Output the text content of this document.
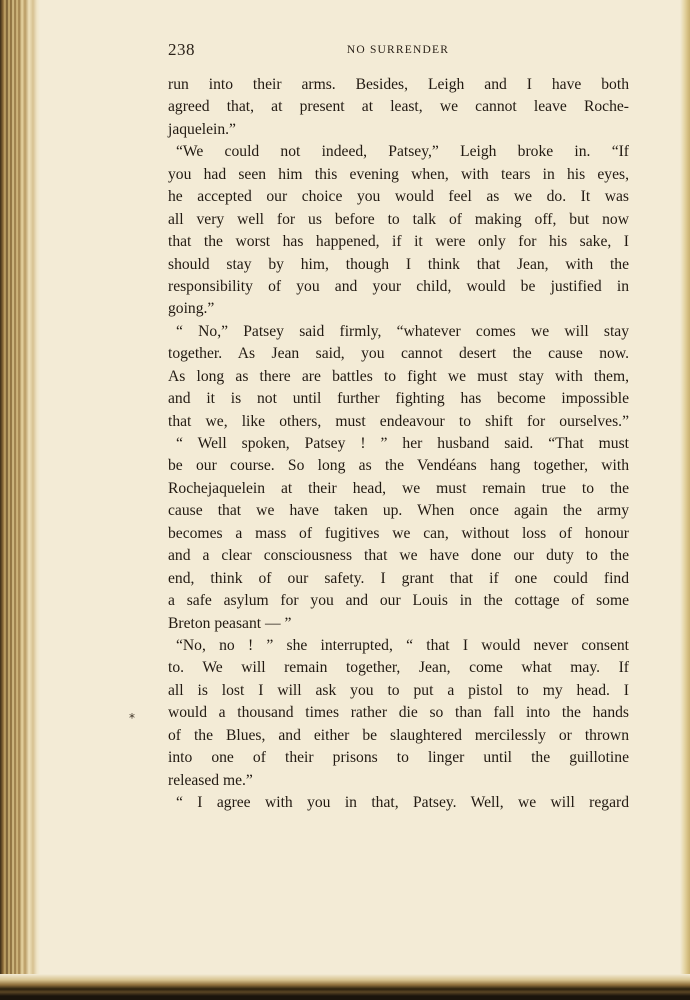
238	NO SURRENDER
run into their arms. Besides, Leigh and I have both
agreed that, at present at least, we cannot leave Roche-
jaquelein.”
“We could not indeed, Patsey,” Leigh broke in. “If
you had seen him this evening when, with tears in his eyes,
he accepted our choice you would feel as we do. It was
all very well for us before to talk of making off, but now
that the worst has happened, if it were only for his sake, I
should stay by him, though I think that Jean, with the
responsibility of you and your child, would be justified in
going.”
“ No,” Patsey said firmly, “whatever comes we will stay
together. As Jean said, you cannot desert the cause now.
As long as there are battles to fight we must stay with them,
and it is not until further fighting has become impossible
that we, like others, must endeavour to shift for ourselves.”
“ Well spoken, Patsey ! ” her husband said. “That must
be our course. So long as the Vendéans hang together, with
Rochejaquelein at their head, we must remain true to the
cause that we have taken up. When once again the army
becomes a mass of fugitives we can, without loss of honour
and a clear consciousness that we have done our duty to the
end, think of our safety. I grant that if one could find
a safe asylum for you and our Louis in the cottage of some
Breton peasant — ”
“No, no ! ” she interrupted, “ that I would never consent
to. We will remain together, Jean, come what may. If
all is lost I will ask you to put a pistol to my head. I
would a thousand times rather die so than fall into the hands
of the Blues, and either be slaughtered mercilessly or thrown
into one of their prisons to linger until the guillotine
released me.”
“ I agree with you in that, Patsey. Well, we will regard
*
